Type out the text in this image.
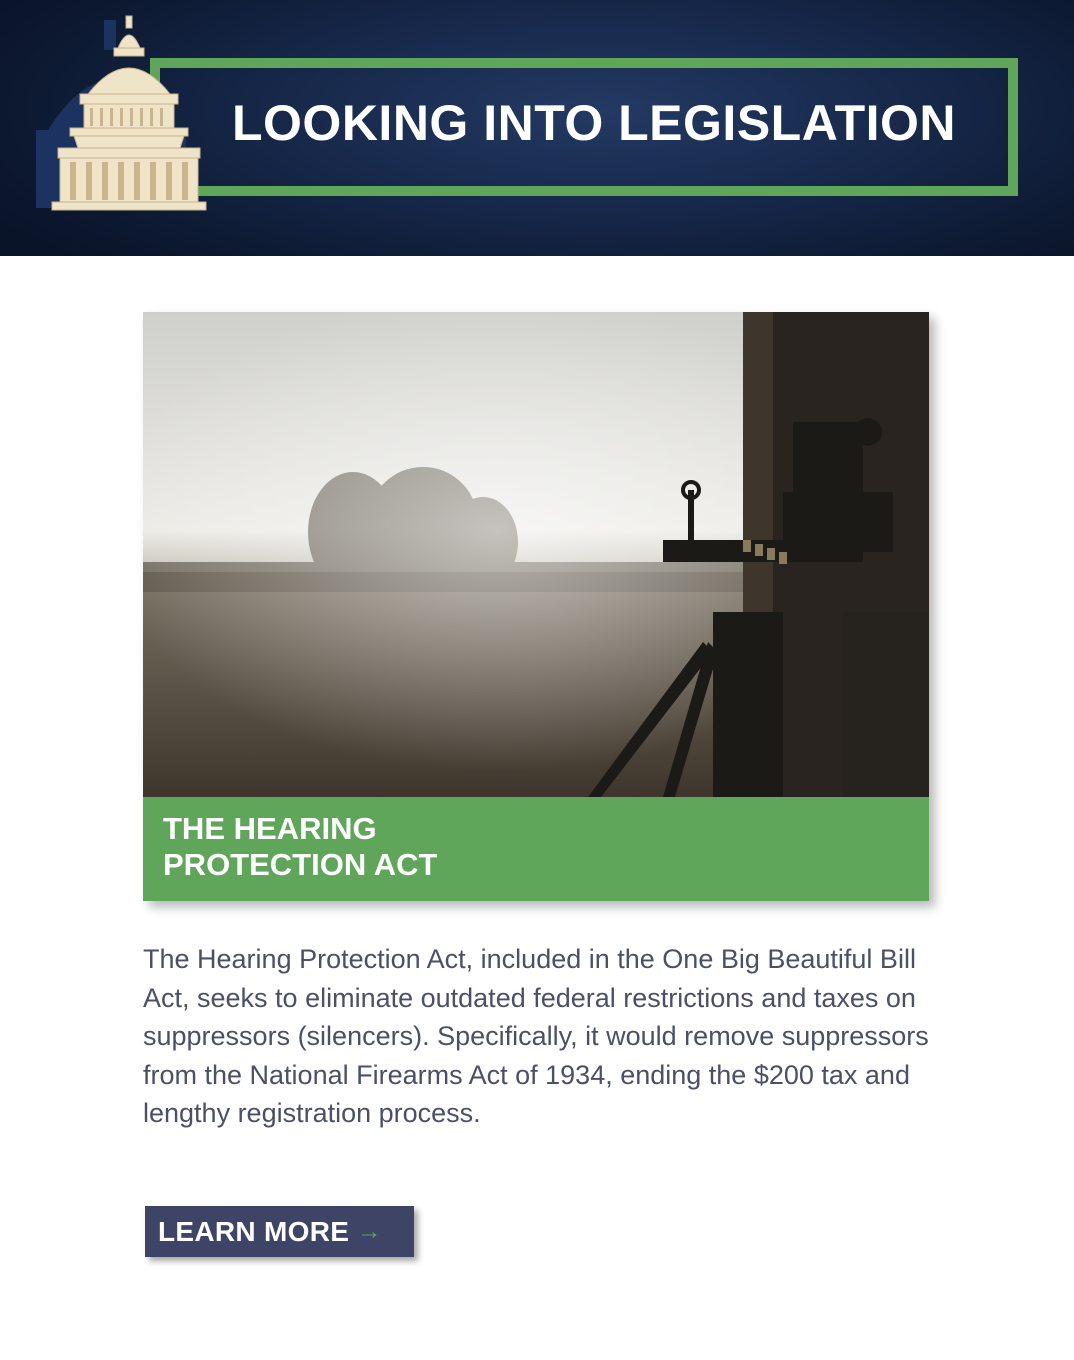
LOOKING INTO LEGISLATION
THE HEARING
PROTECTION ACT
The Hearing Protection Act, included in the One Big Beautiful Bill Act, seeks to eliminate outdated federal restrictions and taxes on suppressors (silencers). Specifically, it would remove suppressors from the National Firearms Act of 1934, ending the $200 tax and lengthy registration process.
LEARN MORE →
